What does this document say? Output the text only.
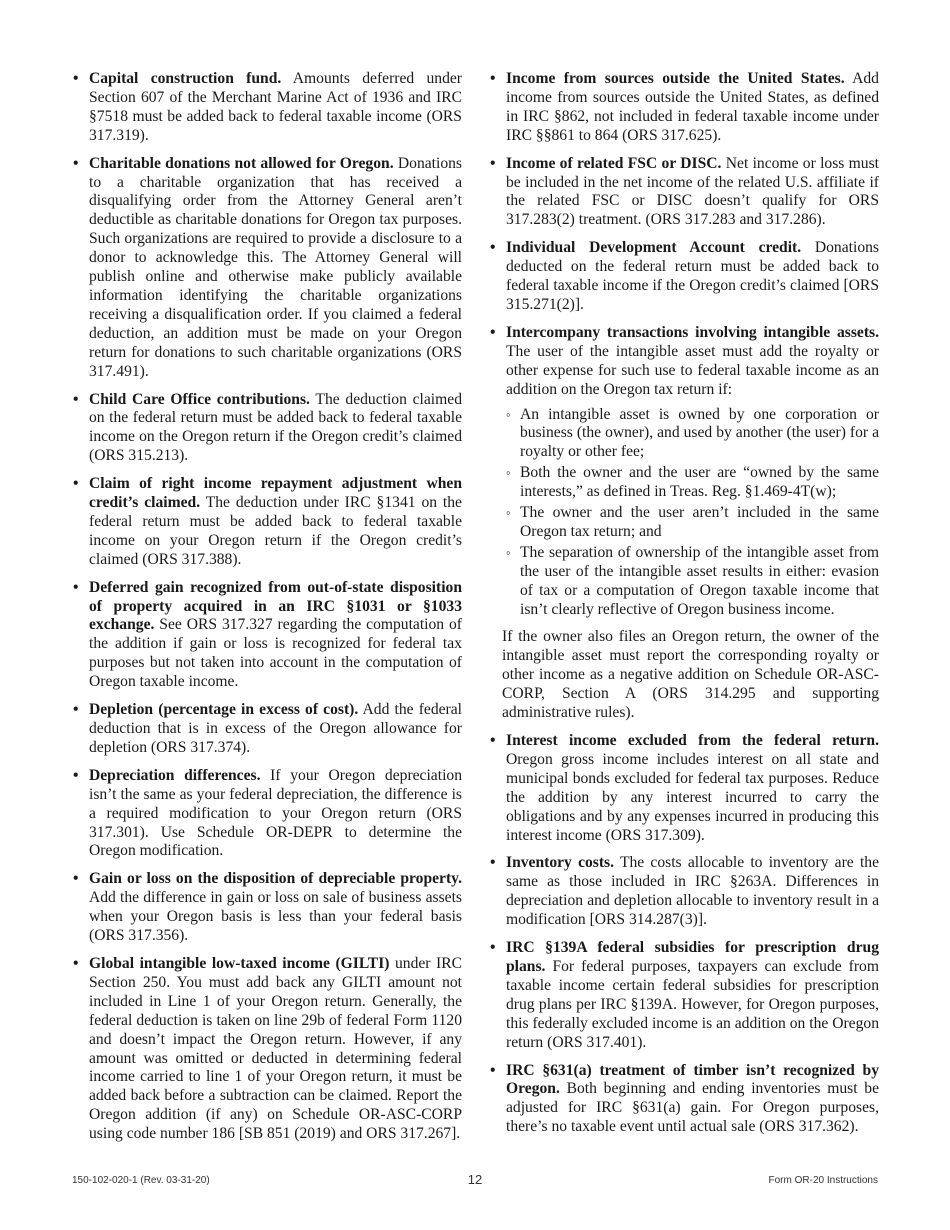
• Capital construction fund. Amounts deferred under Section 607 of the Merchant Marine Act of 1936 and IRC §7518 must be added back to federal taxable income (ORS 317.319).
• Charitable donations not allowed for Oregon. Donations to a charitable organization that has received a disqualifying order from the Attorney General aren’t deductible as charitable donations for Oregon tax purposes. Such organizations are required to provide a disclosure to a donor to acknowledge this. The Attorney General will publish online and otherwise make publicly available information identifying the charitable organizations receiving a disqualification order. If you claimed a federal deduction, an addition must be made on your Oregon return for donations to such charitable organizations (ORS 317.491).
• Child Care Office contributions. The deduction claimed on the federal return must be added back to federal taxable income on the Oregon return if the Oregon credit’s claimed (ORS 315.213).
• Claim of right income repayment adjustment when credit’s claimed. The deduction under IRC §1341 on the federal return must be added back to federal taxable income on your Oregon return if the Oregon credit’s claimed (ORS 317.388).
• Deferred gain recognized from out-of-state disposition of property acquired in an IRC §1031 or §1033 exchange. See ORS 317.327 regarding the computation of the addition if gain or loss is recognized for federal tax purposes but not taken into account in the computation of Oregon taxable income.
• Depletion (percentage in excess of cost). Add the federal deduction that is in excess of the Oregon allowance for depletion (ORS 317.374).
• Depreciation differences. If your Oregon depreciation isn’t the same as your federal depreciation, the difference is a required modification to your Oregon return (ORS 317.301). Use Schedule OR-DEPR to determine the Oregon modification.
• Gain or loss on the disposition of depreciable property. Add the difference in gain or loss on sale of business assets when your Oregon basis is less than your federal basis (ORS 317.356).
• Global intangible low-taxed income (GILTI) under IRC Section 250. You must add back any GILTI amount not included in Line 1 of your Oregon return. Generally, the federal deduction is taken on line 29b of federal Form 1120 and doesn’t impact the Oregon return. However, if any amount was omitted or deducted in determining federal income carried to line 1 of your Oregon return, it must be added back before a subtraction can be claimed. Report the Oregon addition (if any) on Schedule OR-ASC-CORP using code number 186 [SB 851 (2019) and ORS 317.267].
• Income from sources outside the United States. Add income from sources outside the United States, as defined in IRC §862, not included in federal taxable income under IRC §§861 to 864 (ORS 317.625).
• Income of related FSC or DISC. Net income or loss must be included in the net income of the related U.S. affiliate if the related FSC or DISC doesn’t qualify for ORS 317.283(2) treatment. (ORS 317.283 and 317.286).
• Individual Development Account credit. Donations deducted on the federal return must be added back to federal taxable income if the Oregon credit’s claimed [ORS 315.271(2)].
• Intercompany transactions involving intangible assets. The user of the intangible asset must add the royalty or other expense for such use to federal taxable income as an addition on the Oregon tax return if:
◦ An intangible asset is owned by one corporation or business (the owner), and used by another (the user) for a royalty or other fee;
◦ Both the owner and the user are “owned by the same interests,” as defined in Treas. Reg. §1.469-4T(w);
◦ The owner and the user aren’t included in the same Oregon tax return; and
◦ The separation of ownership of the intangible asset from the user of the intangible asset results in either: evasion of tax or a computation of Oregon taxable income that isn’t clearly reflective of Oregon business income.

If the owner also files an Oregon return, the owner of the intangible asset must report the corresponding royalty or other income as a negative addition on Schedule OR-ASC-CORP, Section A (ORS 314.295 and supporting administrative rules).

• Interest income excluded from the federal return. Oregon gross income includes interest on all state and municipal bonds excluded for federal tax purposes. Reduce the addition by any interest incurred to carry the obligations and by any expenses incurred in producing this interest income (ORS 317.309).
• Inventory costs. The costs allocable to inventory are the same as those included in IRC §263A. Differences in depreciation and depletion allocable to inventory result in a modification [ORS 314.287(3)].
• IRC §139A federal subsidies for prescription drug plans. For federal purposes, taxpayers can exclude from taxable income certain federal subsidies for prescription drug plans per IRC §139A. However, for Oregon purposes, this federally excluded income is an addition on the Oregon return (ORS 317.401).
• IRC §631(a) treatment of timber isn’t recognized by Oregon. Both beginning and ending inventories must be adjusted for IRC §631(a) gain. For Oregon purposes, there’s no taxable event until actual sale (ORS 317.362).
150-102-020-1 (Rev. 03-31-20)	12	Form OR-20 Instructions
